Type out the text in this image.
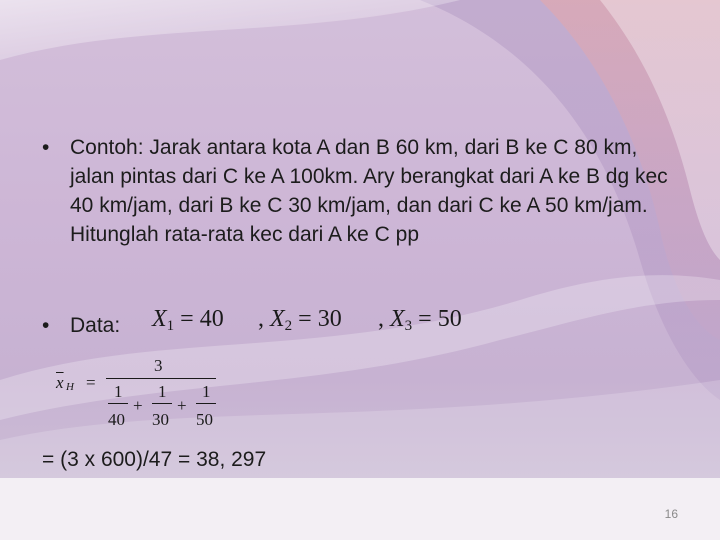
• Contoh: Jarak antara kota A dan B 60 km, dari B ke C 80 km, jalan pintas dari C ke A 100km. Ary berangkat dari A ke B dg kec 40 km/jam, dari B ke C 30 km/jam, dan dari C ke A 50 km/jam. Hitunglah rata-rata kec dari A ke C pp
• Data: $X_1 = 40$ , $X_2 = 30$ , $X_3 = 50$
$\overline{x}$ H =
3
1 1 1
+ +
40 30 50
= (3 x 600)/47 = 38, 297
16
